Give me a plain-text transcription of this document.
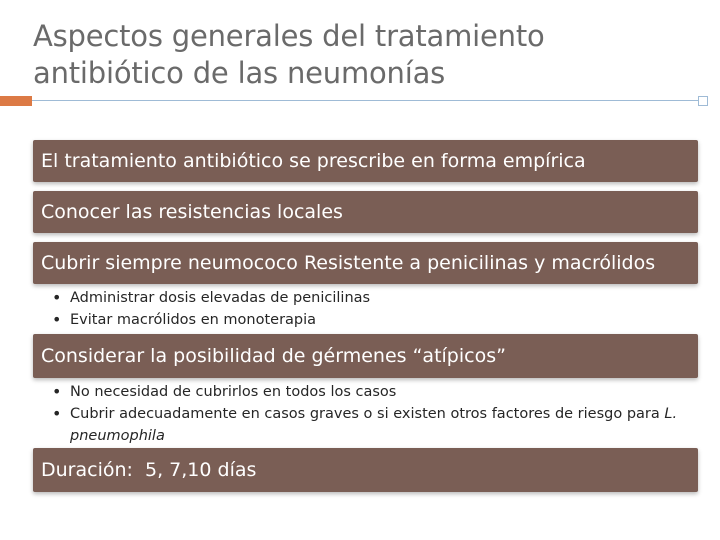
Aspectos generales del tratamiento
antibiótico de las neumonías
El tratamiento antibiótico se prescribe en forma empírica
Conocer las resistencias locales
Cubrir siempre neumococo Resistente a penicilinas y macrólidos
• Administrar dosis elevadas de penicilinas
• Evitar macrólidos en monoterapia
Considerar la posibilidad de gérmenes “atípicos”
• No necesidad de cubrirlos en todos los casos
• Cubrir adecuadamente en casos graves o si existen otros factores de riesgo para L. pneumophila
Duración:  5, 7,10 días
